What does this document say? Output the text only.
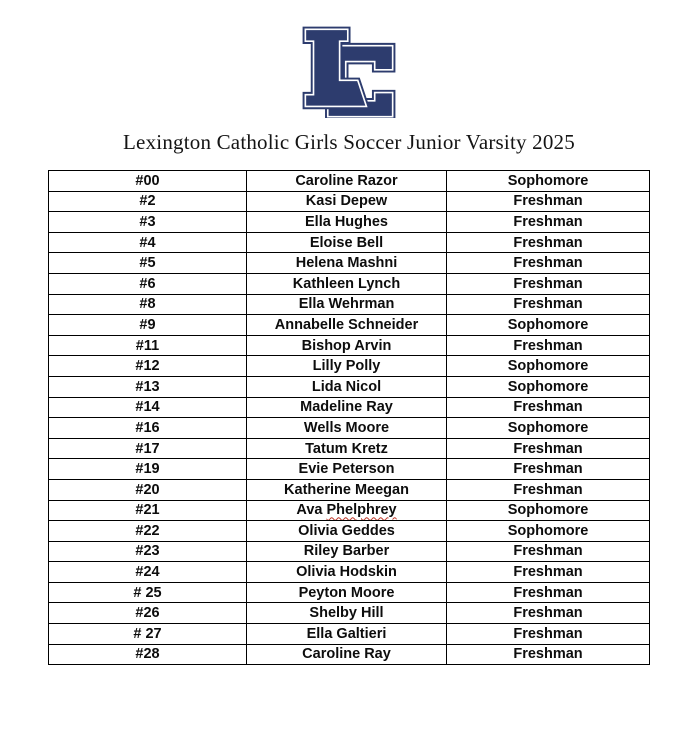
Lexington Catholic Girls Soccer Junior Varsity 2025
#00	Caroline Razor	Sophomore
#2	Kasi Depew	Freshman
#3	Ella Hughes	Freshman
#4	Eloise Bell	Freshman
#5	Helena Mashni	Freshman
#6	Kathleen Lynch	Freshman
#8	Ella Wehrman	Freshman
#9	Annabelle Schneider	Sophomore
#11	Bishop Arvin	Freshman
#12	Lilly Polly	Sophomore
#13	Lida Nicol	Sophomore
#14	Madeline Ray	Freshman
#16	Wells Moore	Sophomore
#17	Tatum Kretz	Freshman
#19	Evie Peterson	Freshman
#20	Katherine Meegan	Freshman
#21	Ava Phelphrey	Sophomore
#22	Olivia Geddes	Sophomore
#23	Riley Barber	Freshman
#24	Olivia Hodskin	Freshman
# 25	Peyton Moore	Freshman
#26	Shelby Hill	Freshman
# 27	Ella Galtieri	Freshman
#28	Caroline Ray	Freshman
